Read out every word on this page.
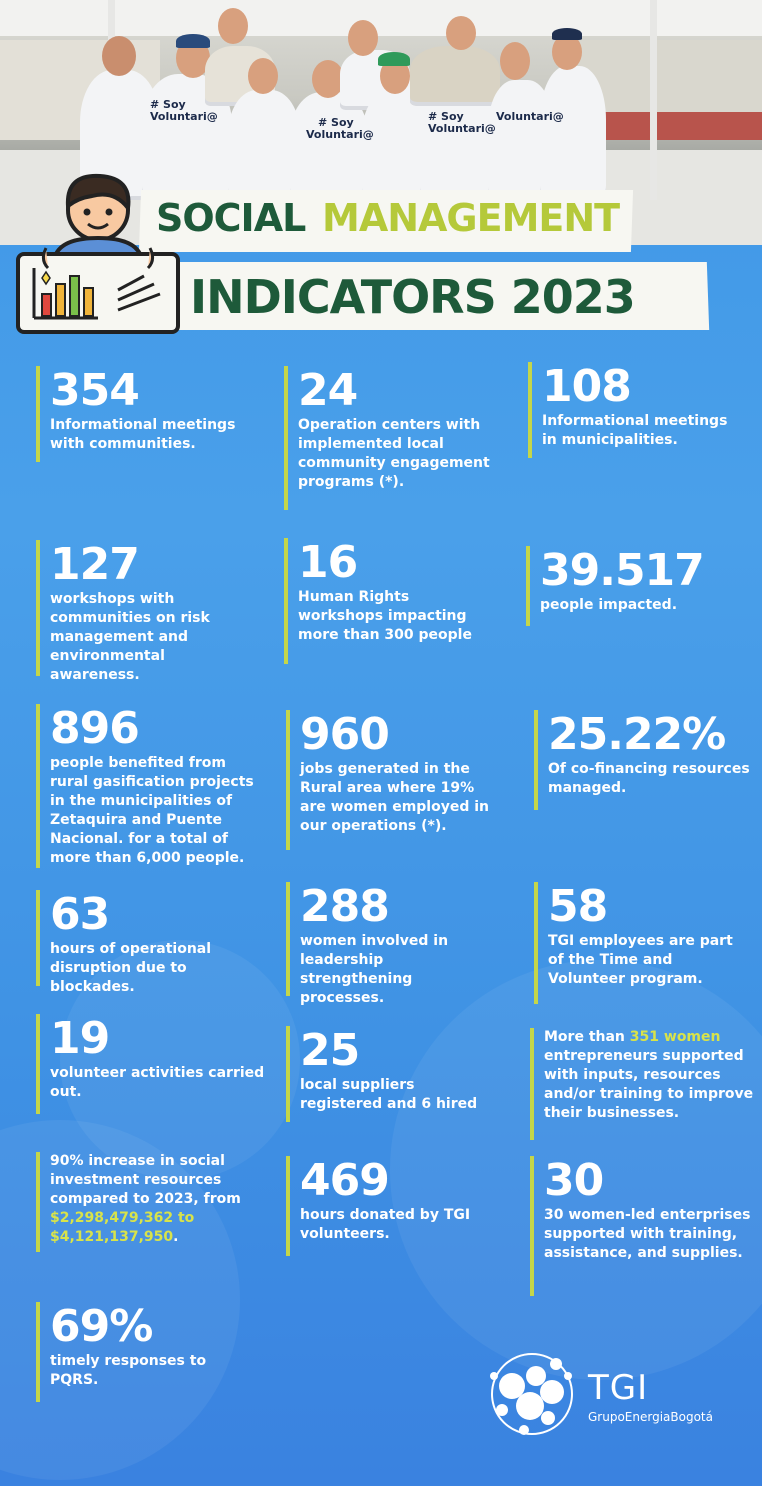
# Soy
Voluntari@	# Soy
Voluntari@
# Soy
Voluntari@
Voluntari@
SOCIAL MANAGEMENT
INDICATORS 2023
354
Informational meetings with communities.
24
Operation centers with implemented local community engagement programs (*).
108
Informational meetings in municipalities.
127
workshops with communities on risk management and environmental awareness.
16
Human Rights workshops impacting more than 300 people
39.517
people impacted.
896
people benefited from rural gasification projects in the municipalities of Zetaquira and Puente Nacional. for a total of more than 6,000 people.
960
jobs generated in the Rural area where 19% are women employed in our operations (*).
25.22%
Of co-financing resources managed.
63
hours of operational disruption due to blockades.
288
women involved in leadership strengthening processes.
58
TGI employees are part of the Time and Volunteer program.
19
volunteer activities carried out.
25
local suppliers registered and 6 hired
More than 351 women entrepreneurs supported with inputs, resources and/or training to improve their businesses.
90% increase in social investment resources compared to 2023, from $2,298,479,362 to $4,121,137,950.
469
hours donated by TGI volunteers.
30
30 women-led enterprises supported with training, assistance, and supplies.
69%
timely responses to PQRS.	TGI
GrupoEnergiaBogotá
